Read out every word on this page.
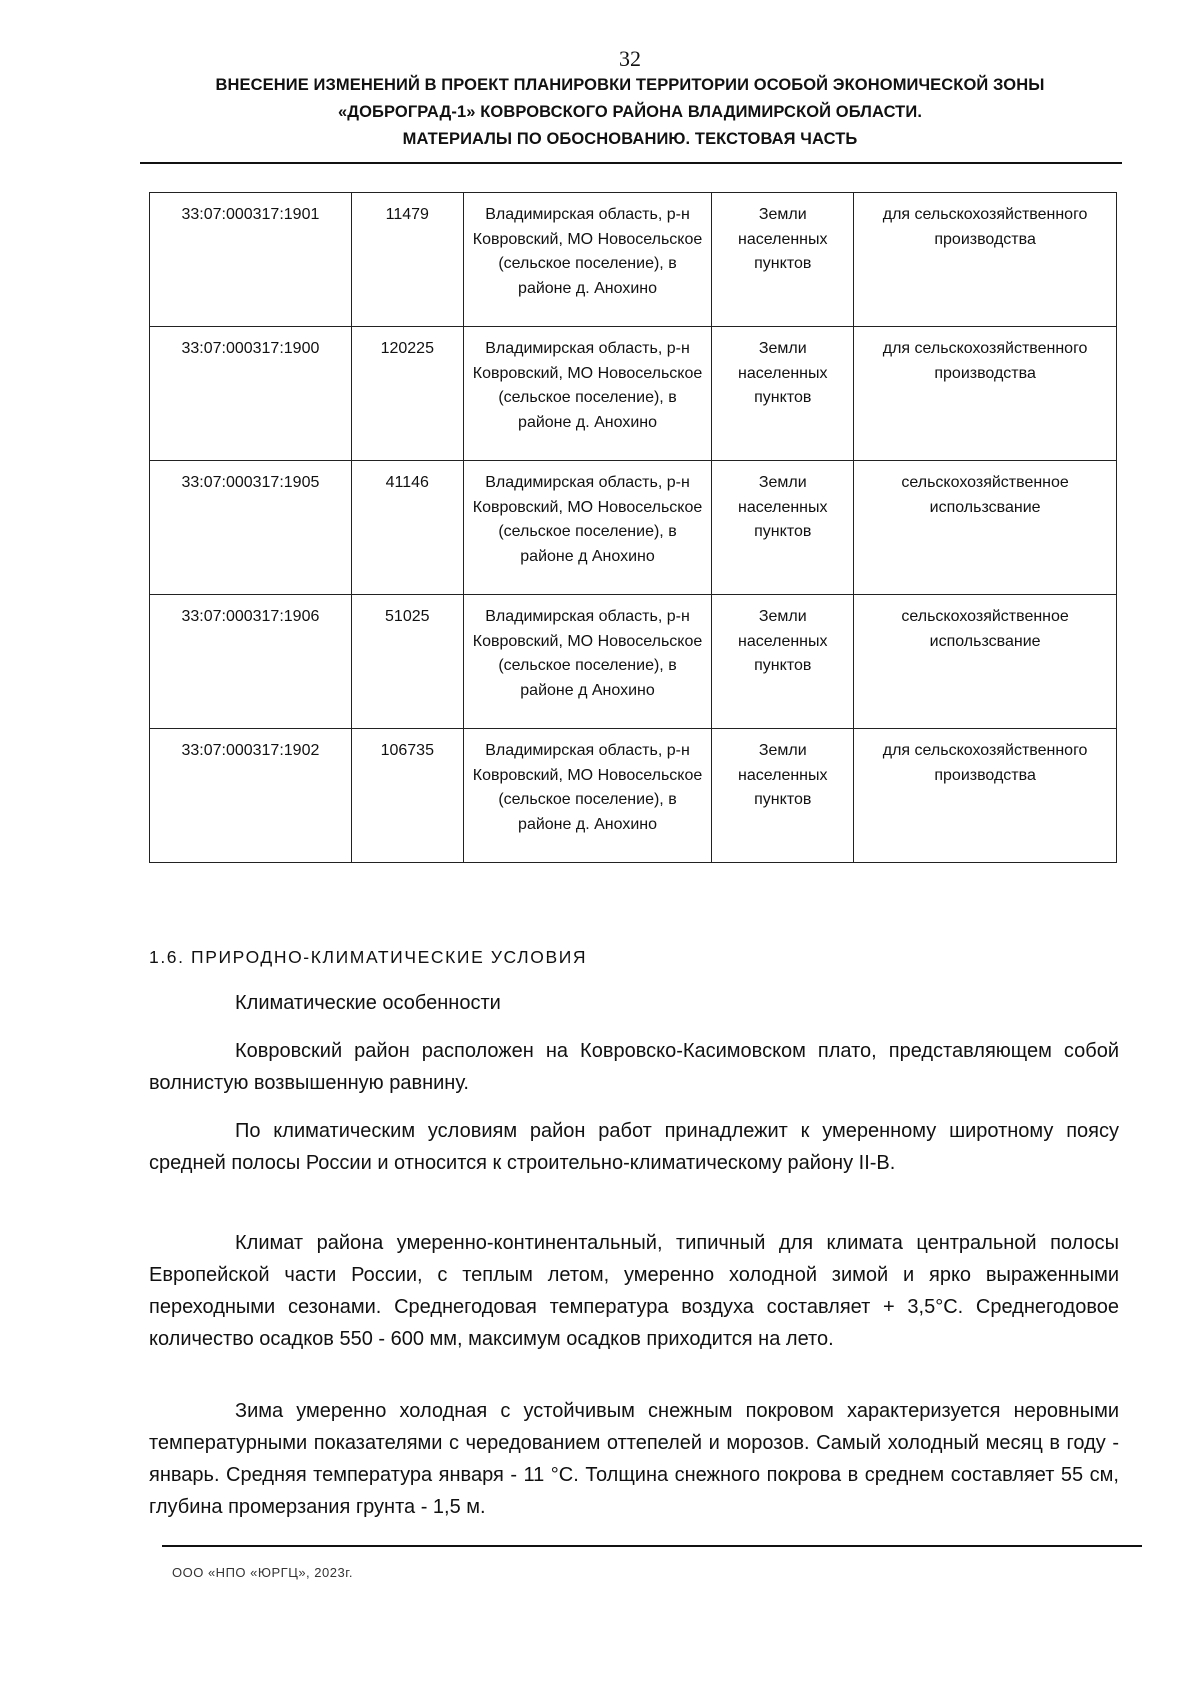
32
ВНЕСЕНИЕ ИЗМЕНЕНИЙ В ПРОЕКТ ПЛАНИРОВКИ ТЕРРИТОРИИ ОСОБОЙ ЭКОНОМИЧЕСКОЙ ЗОНЫ
«ДОБРОГРАД-1» КОВРОВСКОГО РАЙОНА ВЛАДИМИРСКОЙ ОБЛАСТИ.
МАТЕРИАЛЫ ПО ОБОСНОВАНИЮ. ТЕКСТОВАЯ ЧАСТЬ
33:07:000317:1901	11479	Владимирская область, р-н Ковровский, МО Новосельское (сельское поселение), в районе д. Анохино	Земли населенных пунктов	для сельскохозяйственного производства
33:07:000317:1900	120225	Владимирская область, р-н Ковровский, МО Новосельское (сельское поселение), в районе д. Анохино	Земли населенных пунктов	для сельскохозяйственного производства
33:07:000317:1905	41146	Владимирская область, р-н Ковровский, МО Новосельское (сельское поселение), в районе д Анохино	Земли населенных пунктов	сельскохозяйственное использсвание
33:07:000317:1906	51025	Владимирская область, р-н Ковровский, МО Новосельское (сельское поселение), в районе д Анохино	Земли населенных пунктов	сельскохозяйственное использсвание
33:07:000317:1902	106735	Владимирская область, р-н Ковровский, МО Новосельское (сельское поселение), в районе д. Анохино	Земли населенных пунктов	для сельскохозяйственного производства
1.6. ПРИРОДНО-КЛИМАТИЧЕСКИЕ УСЛОВИЯ
Климатические особенности

Ковровский район расположен на Ковровско-Касимовском плато, представляющем собой волнистую возвышенную равнину.

По климатическим условиям район работ принадлежит к умеренному широтному поясу средней полосы России и относится к строительно-климатическому району II-В.

Климат района умеренно-континентальный, типичный для климата центральной полосы Европейской части России, с теплым летом, умеренно холодной зимой и ярко выраженными переходными сезонами. Среднегодовая температура воздуха составляет + 3,5°С. Среднегодовое количество осадков 550 - 600 мм, максимум осадков приходится на лето.

Зима умеренно холодная с устойчивым снежным покровом характеризуется неровными температурными показателями с чередованием оттепелей и морозов. Самый холодный месяц в году - январь. Средняя температура января - 11 °С. Толщина снежного покрова в среднем составляет 55 см, глубина промерзания грунта - 1,5 м.

ООО «НПО «ЮРГЦ», 2023г.
